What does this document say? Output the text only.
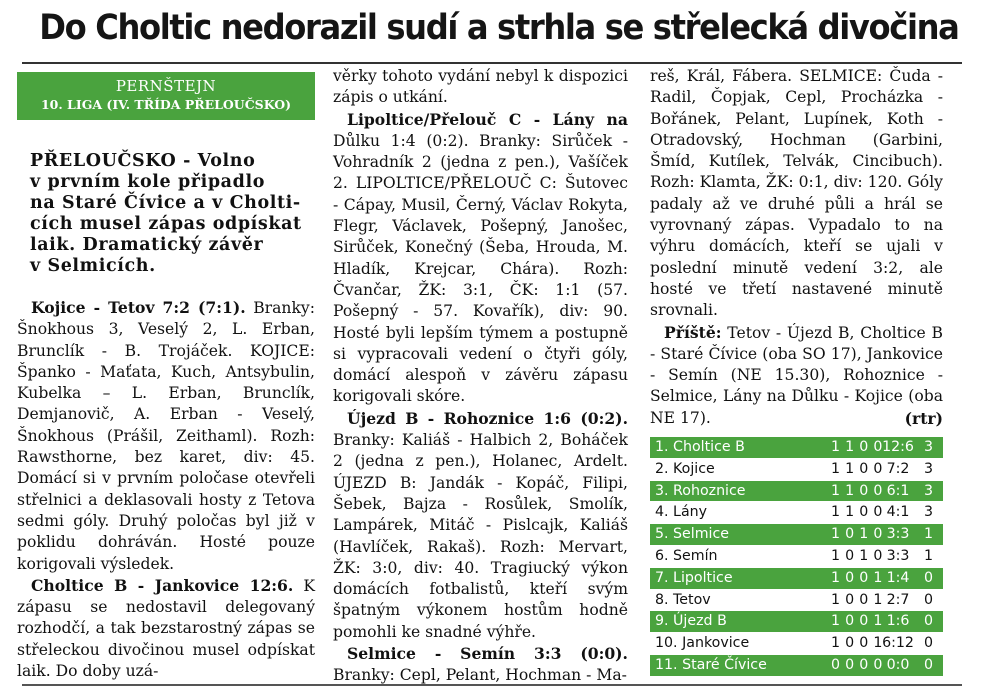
Do Choltic nedorazil sudí a strhla se střelecká divočina
PERNŠTEJN
10. LIGA (IV. TŘÍDA PŘELOUČSKO)
PŘELOUČSKO - Volno
v prvním kole připadlo
na Staré Čívice a v Cholti-
cích musel zápas odpískat
laik. Dramatický závěr
v Selmicích.

Kojice - Tetov 7:2 (7:1). Branky: Šnokhous 3, Veselý 2, L. Erban, Brunclík - B. Trojáček. KOJICE: Španko - Maťata, Kuch, Antsybulin, Kubelka – L. Erban, Brunclík, Demjanovič, A. Erban - Veselý, Šnokhous (Prášil, Zeithaml). Rozh: Rawsthorne, bez karet, div: 45. Domácí si v prvním poločase otevřeli střelnici a deklasovali hosty z Tetova sedmi góly. Druhý poločas byl již v poklidu dohráván. Hosté pouze korigovali výsledek.

Choltice B - Jankovice 12:6. K zápasu se nedostavil delegovaný rozhodčí, a tak bezstarostný zápas se střeleckou divočinou musel odpískat laik. Do doby uzá-

věrky tohoto vydání nebyl k dispozici zápis o utkání.

Lipoltice/Přelouč C - Lány na Důlku 1:4 (0:2). Branky: Sirůček - Vohradník 2 (jedna z pen.), Vašíček 2. LIPOLTICE/PŘELOUČ C: Šutovec - Cápay, Musil, Černý, Václav Rokyta, Flegr, Václavek, Pošepný, Janošec, Sirůček, Konečný (Šeba, Hrouda, M. Hladík, Krejcar, Chára). Rozh: Čvančar, ŽK: 3:1, ČK: 1:1 (57. Pošepný - 57. Kovařík), div: 90. Hosté byli lepším týmem a postupně si vypracovali vedení o čtyři góly, domácí alespoň v závěru zápasu korigovali skóre.

Újezd B - Rohoznice 1:6 (0:2). Branky: Kaliáš - Halbich 2, Boháček 2 (jedna z pen.), Holanec, Ardelt. ÚJEZD B: Jandák - Kopáč, Filipi, Šebek, Bajza - Rosůlek, Smolík, Lampárek, Mitáč - Pislcajk, Kaliáš (Havlíček, Rakaš). Rozh: Mervart, ŽK: 3:0, div: 40. Tragiucký výkon domácích fotbalistů, kteří svým špatným výkonem hostům hodně pomohli ke snadné výhře.

Selmice - Semín 3:3 (0:0). Branky: Cepl, Pelant, Hochman - Ma-

reš, Král, Fábera. SELMICE: Čuda - Radil, Čopjak, Cepl, Procházka -Bořánek, Pelant, Lupínek, Koth - Otradovský, Hochman (Garbini, Šmíd, Kutílek, Telvák, Cincibuch). Rozh: Klamta, ŽK: 0:1, div: 120. Góly padaly až ve druhé půli a hrál se vyrovnaný zápas. Vypadalo to na výhru domácích, kteří se ujali v poslední minutě vedení 3:2, ale hosté ve třetí nastavené minutě srovnali.

Příště: Tetov - Újezd B, Choltice B - Staré Čívice (oba SO 17), Jankovice - Semín (NE 15.30), Rohoznice - Selmice, Lány na Důlku - Kojice (oba NE 17).	(rtr)

1. Choltice B	1 1 0 0 12:6 3
2. Kojice	1 1 0 0 7:2	3
3. Rohoznice	1 1 0 0 6:1	3
4. Lány	1 1 0 0 4:1	3
5. Selmice	1 0 1 0 3:3	1
6. Semín	1 0 1 0 3:3	1
7. Lipoltice	1 0 0 1 1:4	0
8. Tetov	1 0 0 1 2:7	0
9. Újezd B	1 0 0 1 1:6	0
10. Jankovice	1 0 0 1 6:12 0
11. Staré Čívice	0 0 0 0 0:0	0
